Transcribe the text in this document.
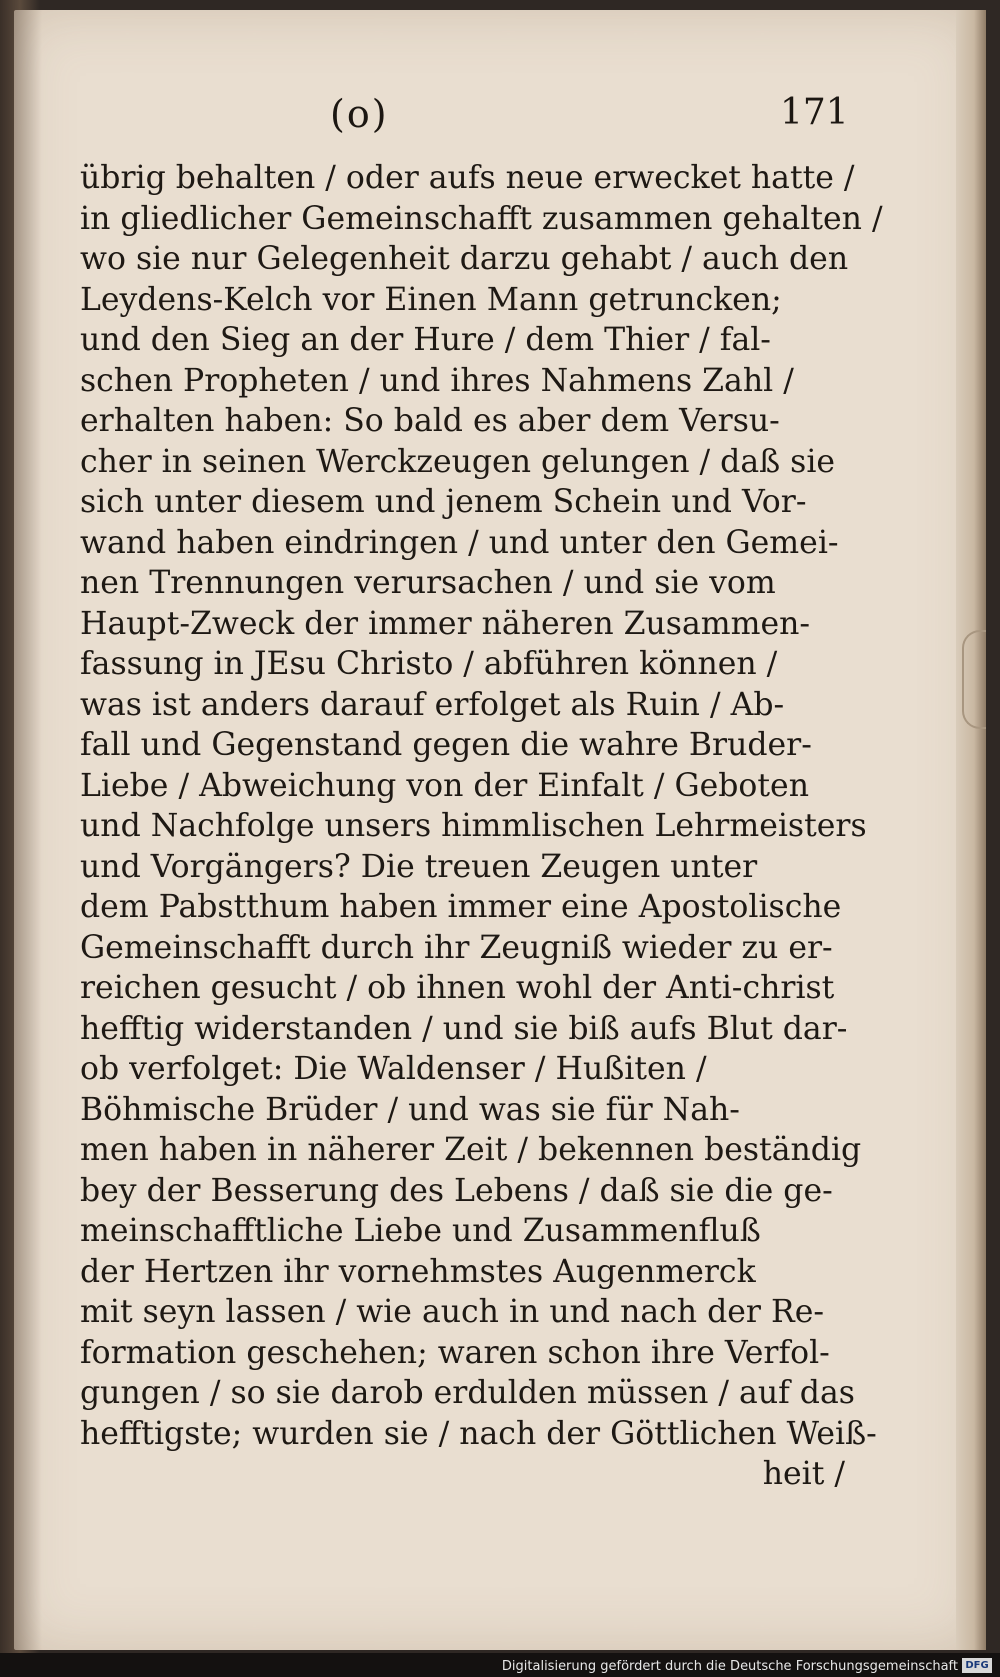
(o)	171
übrig behalten / oder aufs neue erwecket hatte /
in gliedlicher Gemeinschafft zusammen gehalten /
wo sie nur Gelegenheit darzu gehabt / auch den
Leydens-Kelch vor Einen Mann getruncken;
und den Sieg an der Hure / dem Thier / fal-
schen Propheten / und ihres Nahmens Zahl /
erhalten haben: So bald es aber dem Versu-
cher in seinen Werckzeugen gelungen / daß sie
sich unter diesem und jenem Schein und Vor-
wand haben eindringen / und unter den Gemei-
nen Trennungen verursachen / und sie vom
Haupt-Zweck der immer näheren Zusammen-
fassung in JEsu Christo / abführen können /
was ist anders darauf erfolget als Ruin / Ab-
fall und Gegenstand gegen die wahre Bruder-
Liebe / Abweichung von der Einfalt / Geboten
und Nachfolge unsers himmlischen Lehrmeisters
und Vorgängers? Die treuen Zeugen unter
dem Pabstthum haben immer eine Apostolische
Gemeinschafft durch ihr Zeugniß wieder zu er-
reichen gesucht / ob ihnen wohl der Anti-christ
hefftig widerstanden / und sie biß aufs Blut dar-
ob verfolget: Die Waldenser / Hußiten /
Böhmische Brüder / und was sie für Nah-
men haben in näherer Zeit / bekennen beständig
bey der Besserung des Lebens / daß sie die ge-
meinschafftliche Liebe und Zusammenfluß
der Hertzen ihr vornehmstes Augenmerck
mit seyn lassen / wie auch in und nach der Re-
formation geschehen; waren schon ihre Verfol-
gungen / so sie darob erdulden müssen / auf das
hefftigste; wurden sie / nach der Göttlichen Weiß-
heit /
Digitalisierung gefördert durch die Deutsche Forschungsgemeinschaft DFG
